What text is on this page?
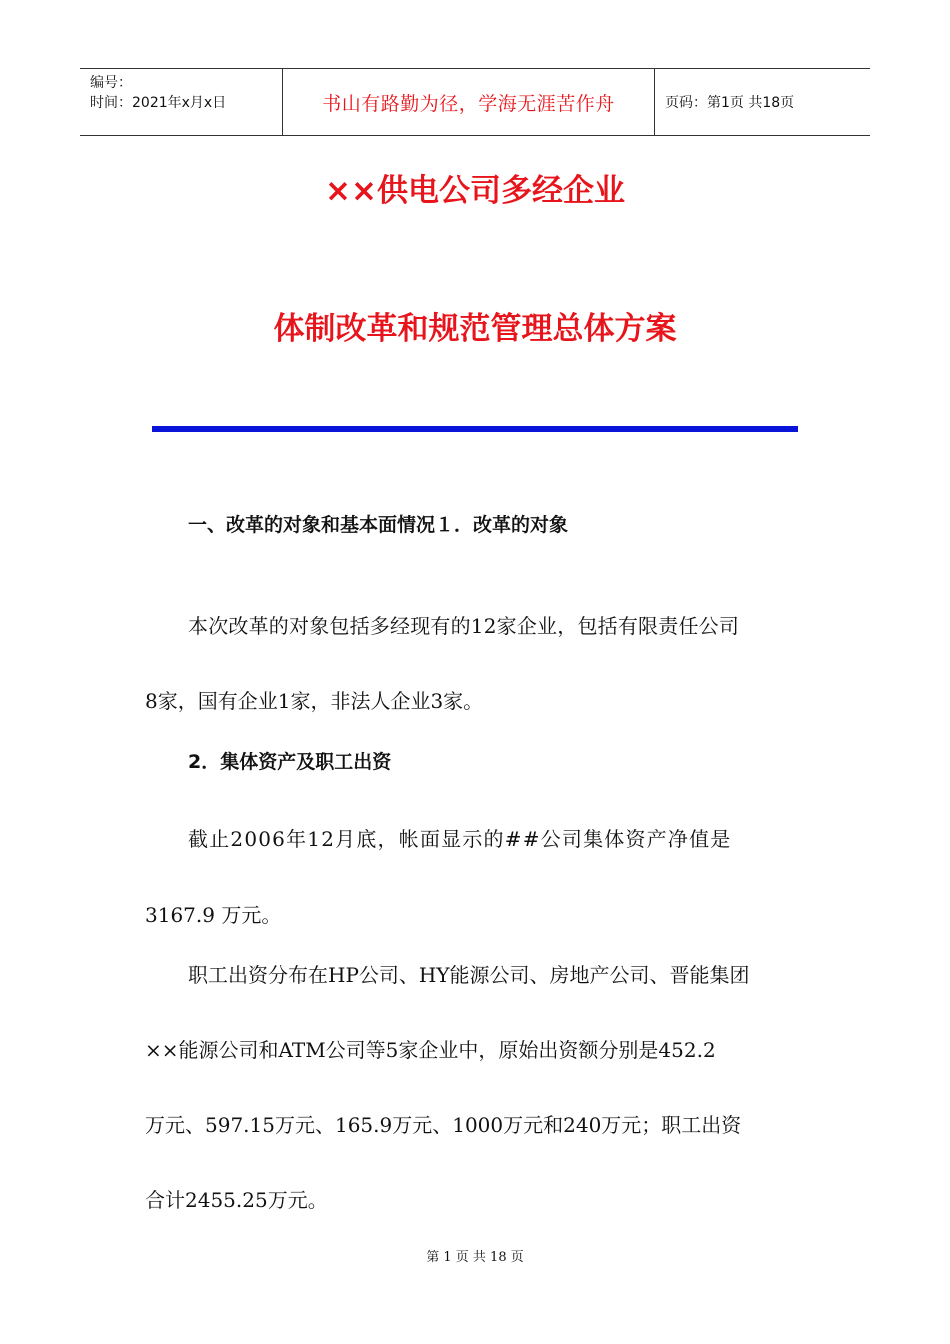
编号：
时间：2021年x月x日	书山有路勤为径，学海无涯苦作舟	页码：第1页 共18页
××供电公司多经企业
体制改革和规范管理总体方案
一、改革的对象和基本面情况１．改革的对象
本次改革的对象包括多经现有的12家企业，包括有限责任公司
8家，国有企业1家，非法人企业3家。
2．集体资产及职工出资
截止2006年12月底，帐面显示的##公司集体资产净值是
3167.9 万元。
职工出资分布在HP公司、HY能源公司、房地产公司、晋能集团
××能源公司和ATM公司等5家企业中，原始出资额分别是452.2
万元、597.15万元、165.9万元、1000万元和240万元；职工出资
合计2455.25万元。
第 1 页 共 18 页
